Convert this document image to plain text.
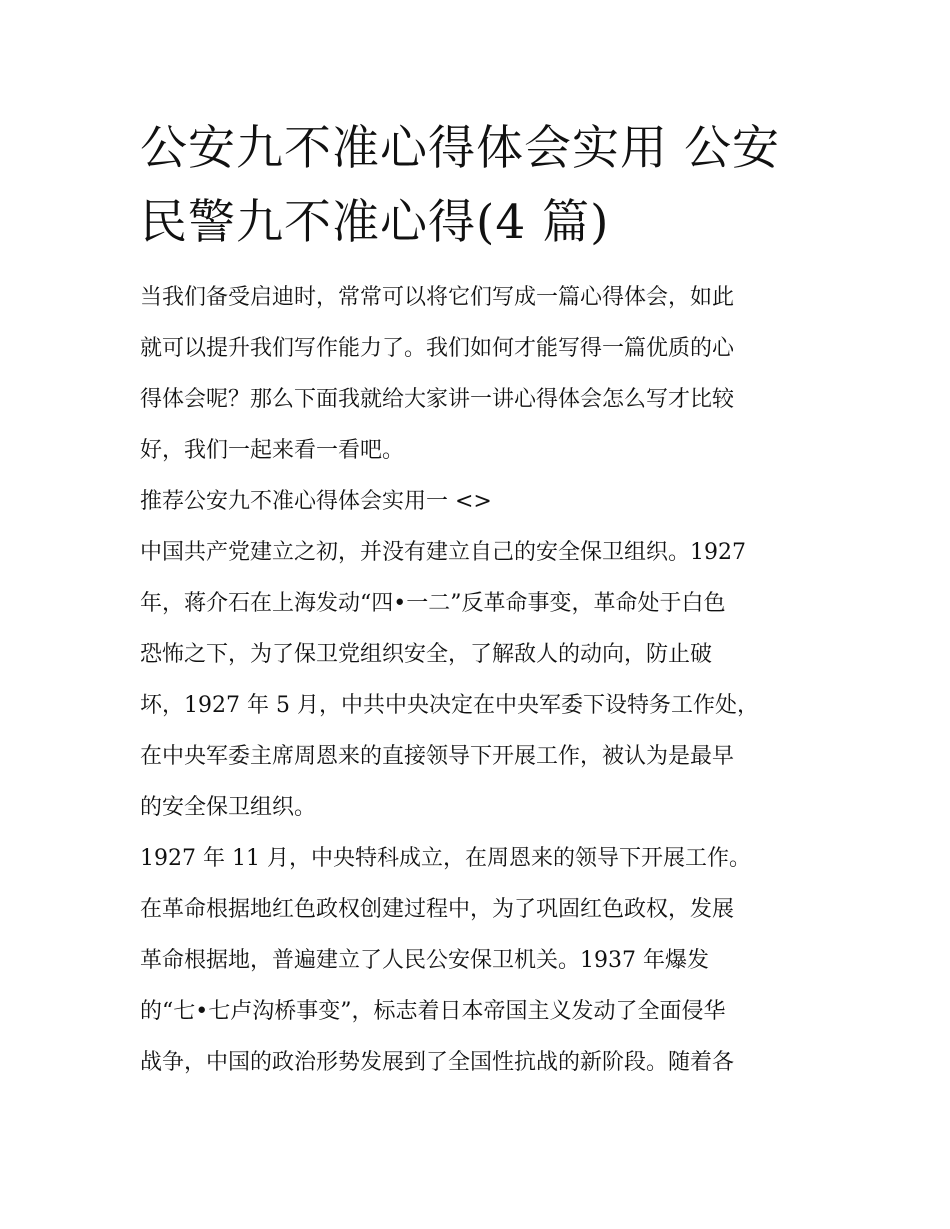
公安九不准心得体会实用 公安
民警九不准心得(4 篇)

当我们备受启迪时，常常可以将它们写成一篇心得体会，如此
就可以提升我们写作能力了。我们如何才能写得一篇优质的心
得体会呢？那么下面我就给大家讲一讲心得体会怎么写才比较
好，我们一起来看一看吧。

推荐公安九不准心得体会实用一 <>

中国共产党建立之初，并没有建立自己的安全保卫组织。1927
年，蒋介石在上海发动“四•一二”反革命事变，革命处于白色
恐怖之下，为了保卫党组织安全，了解敌人的动向，防止破
坏，1927 年 5 月，中共中央决定在中央军委下设特务工作处，
在中央军委主席周恩来的直接领导下开展工作，被认为是最早
的安全保卫组织。

1927 年 11 月，中央特科成立，在周恩来的领导下开展工作。
在革命根据地红色政权创建过程中，为了巩固红色政权，发展
革命根据地，普遍建立了人民公安保卫机关。1937 年爆发
的“七•七卢沟桥事变”，标志着日本帝国主义发动了全面侵华
战争，中国的政治形势发展到了全国性抗战的新阶段。随着各
